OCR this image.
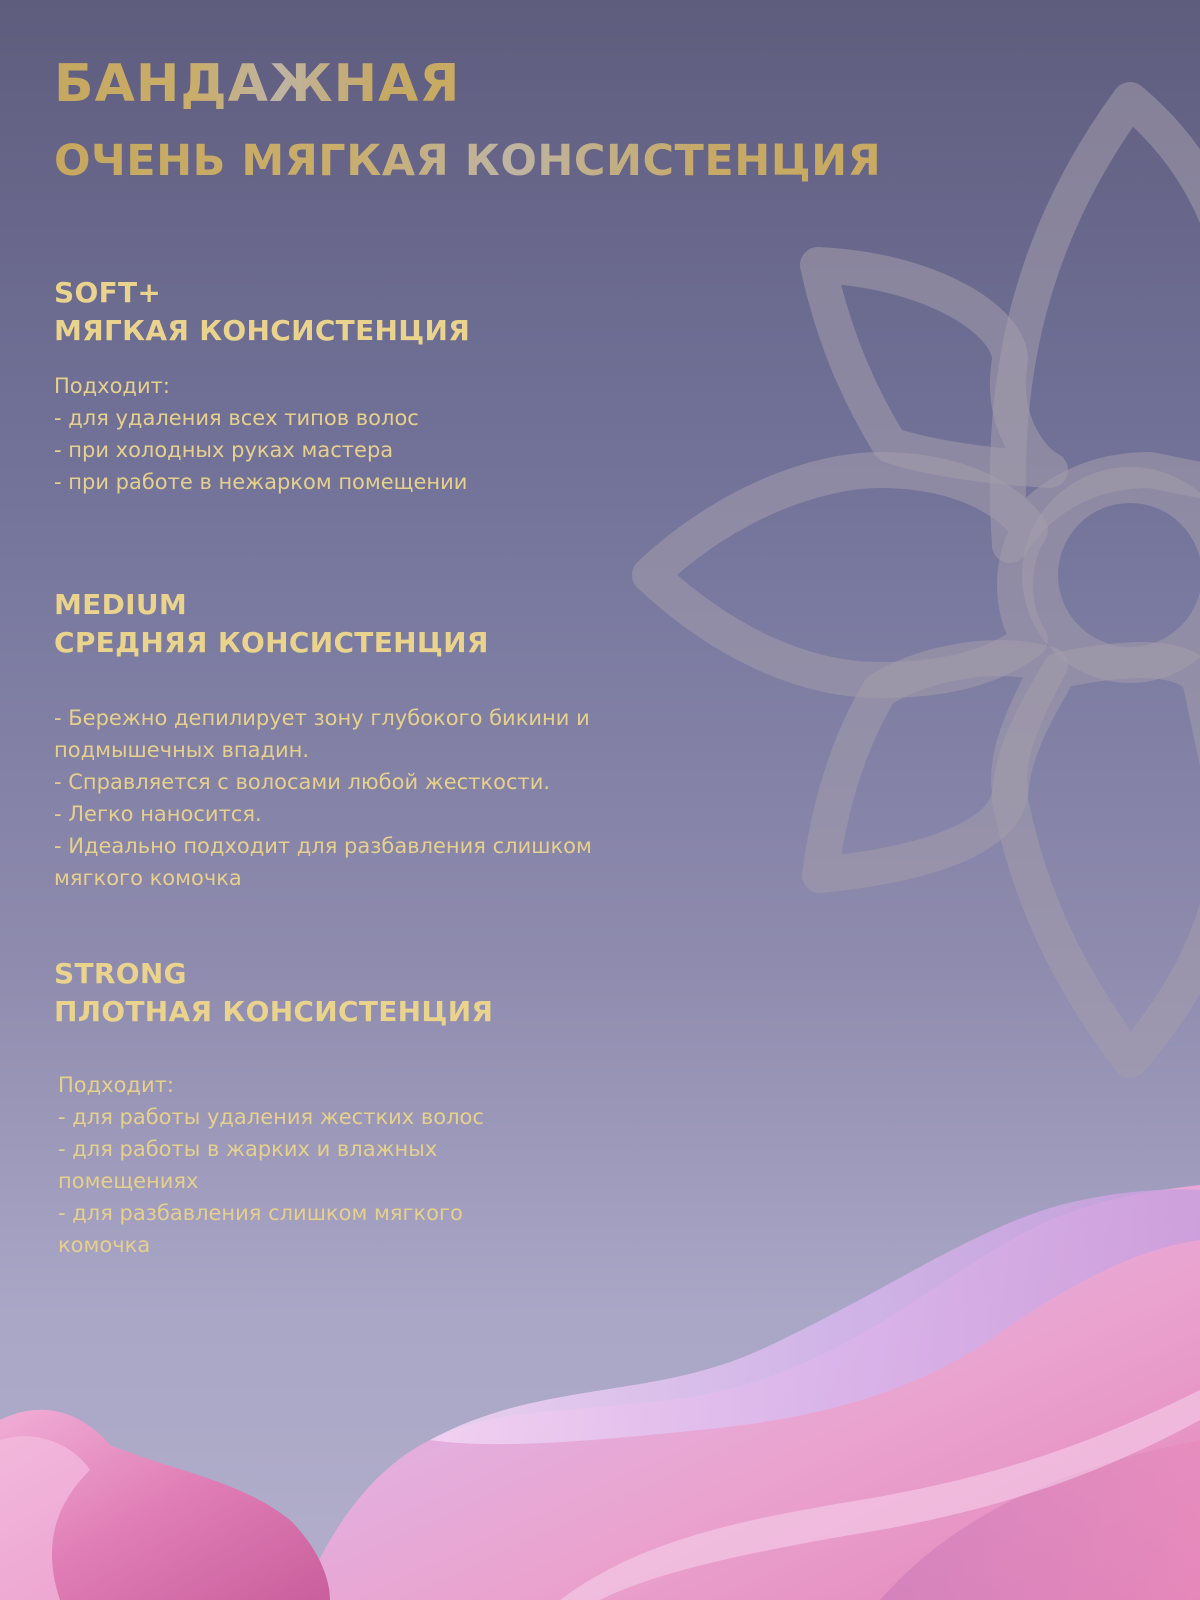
БАНДАЖНАЯ
ОЧЕНЬ МЯГКАЯ КОНСИСТЕНЦИЯ
SOFT+
МЯГКАЯ КОНСИСТЕНЦИЯ
Подходит:
- для удаления всех типов волос
- при холодных руках мастера
- при работе в нежарком помещении
MEDIUM
СРЕДНЯЯ КОНСИСТЕНЦИЯ
- Бережно депилирует зону глубокого бикини и
подмышечных впадин.
- Справляется с волосами любой жесткости.
- Легко наносится.
- Идеально подходит для разбавления слишком
мягкого комочка
STRONG
ПЛОТНАЯ КОНСИСТЕНЦИЯ
Подходит:
- для работы удаления жестких волос
- для работы в жарких и влажных
помещениях
- для разбавления слишком мягкого
комочка
